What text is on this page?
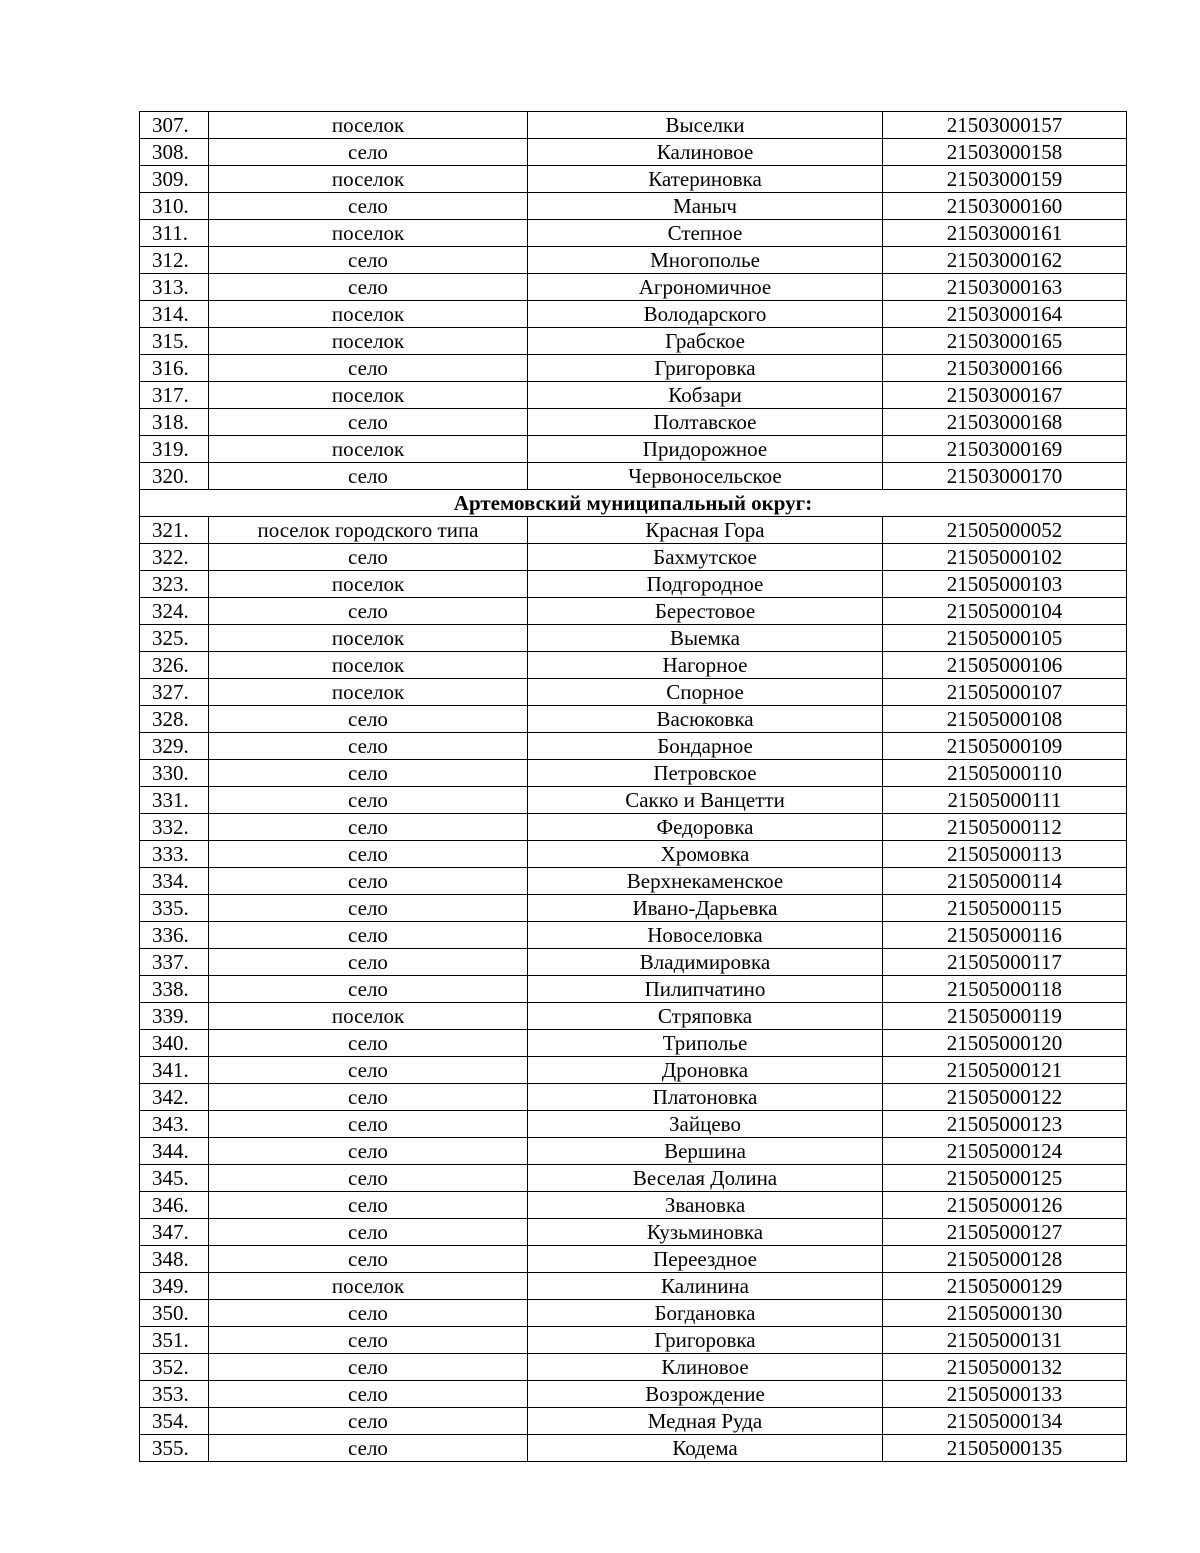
307.	поселок	Выселки	21503000157
308.	село	Калиновое	21503000158
309.	поселок	Катериновка	21503000159
310.	село	Маныч	21503000160
311.	поселок	Степное	21503000161
312.	село	Многополье	21503000162
313.	село	Агрономичное	21503000163
314.	поселок	Володарского	21503000164
315.	поселок	Грабское	21503000165
316.	село	Григоровка	21503000166
317.	поселок	Кобзари	21503000167
318.	село	Полтавское	21503000168
319.	поселок	Придорожное	21503000169
320.	село	Червоносельское	21503000170
Артемовский муниципальный округ:			
321.	поселок городского типа	Красная Гора	21505000052
322.	село	Бахмутское	21505000102
323.	поселок	Подгородное	21505000103
324.	село	Берестовое	21505000104
325.	поселок	Выемка	21505000105
326.	поселок	Нагорное	21505000106
327.	поселок	Спорное	21505000107
328.	село	Васюковка	21505000108
329.	село	Бондарное	21505000109
330.	село	Петровское	21505000110
331.	село	Сакко и Ванцетти	21505000111
332.	село	Федоровка	21505000112
333.	село	Хромовка	21505000113
334.	село	Верхнекаменское	21505000114
335.	село	Ивано-Дарьевка	21505000115
336.	село	Новоселовка	21505000116
337.	село	Владимировка	21505000117
338.	село	Пилипчатино	21505000118
339.	поселок	Стряповка	21505000119
340.	село	Триполье	21505000120
341.	село	Дроновка	21505000121
342.	село	Платоновка	21505000122
343.	село	Зайцево	21505000123
344.	село	Вершина	21505000124
345.	село	Веселая Долина	21505000125
346.	село	Звановка	21505000126
347.	село	Кузьминовка	21505000127
348.	село	Переездное	21505000128
349.	поселок	Калинина	21505000129
350.	село	Богдановка	21505000130
351.	село	Григоровка	21505000131
352.	село	Клиновое	21505000132
353.	село	Возрождение	21505000133
354.	село	Медная Руда	21505000134
355.	село	Кодема	21505000135
